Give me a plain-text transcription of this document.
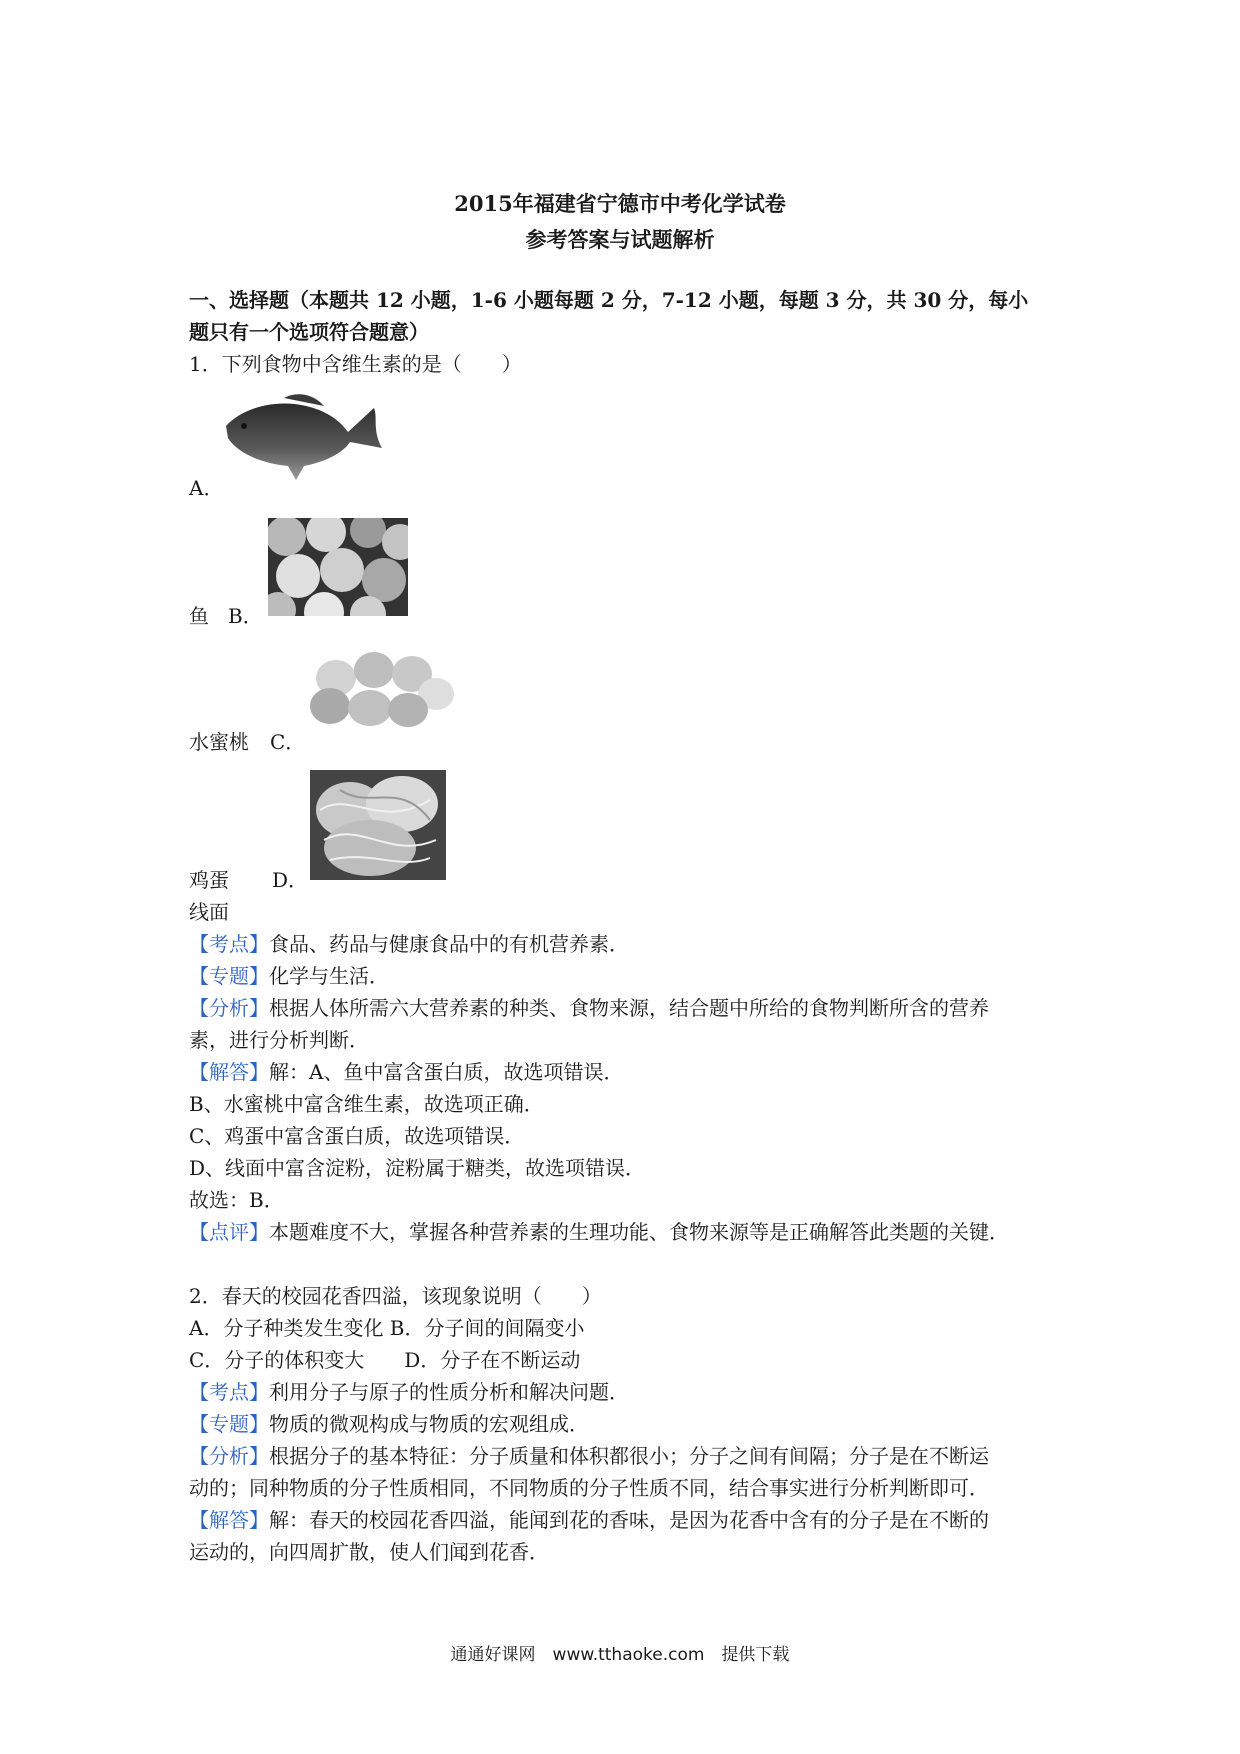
2015年福建省宁德市中考化学试卷
参考答案与试题解析
一、选择题（本题共 12 小题，1-6 小题每题 2 分，7-12 小题，每题 3 分，共 30 分，每小
题只有一个选项符合题意）
1．下列食物中含维生素的是（　　）
A．
鱼 B．
水蜜桃 C．
鸡蛋 D．
线面
【考点】食品、药品与健康食品中的有机营养素．
【专题】化学与生活．
【分析】根据人体所需六大营养素的种类、食物来源，结合题中所给的食物判断所含的营养
素，进行分析判断．
【解答】解：A、鱼中富含蛋白质，故选项错误．
B、水蜜桃中富含维生素，故选项正确．
C、鸡蛋中富含蛋白质，故选项错误．
D、线面中富含淀粉，淀粉属于糖类，故选项错误．
故选：B．
【点评】本题难度不大，掌握各种营养素的生理功能、食物来源等是正确解答此类题的关键．
2．春天的校园花香四溢，该现象说明（　　）
A．分子种类发生变化 B．分子间的间隔变小
C．分子的体积变大　　D．分子在不断运动
【考点】利用分子与原子的性质分析和解决问题．
【专题】物质的微观构成与物质的宏观组成．
【分析】根据分子的基本特征：分子质量和体积都很小；分子之间有间隔；分子是在不断运
动的；同种物质的分子性质相同，不同物质的分子性质不同，结合事实进行分析判断即可．
【解答】解：春天的校园花香四溢，能闻到花的香味，是因为花香中含有的分子是在不断的
运动的，向四周扩散，使人们闻到花香．
通通好课网　www.tthaoke.com　提供下载
